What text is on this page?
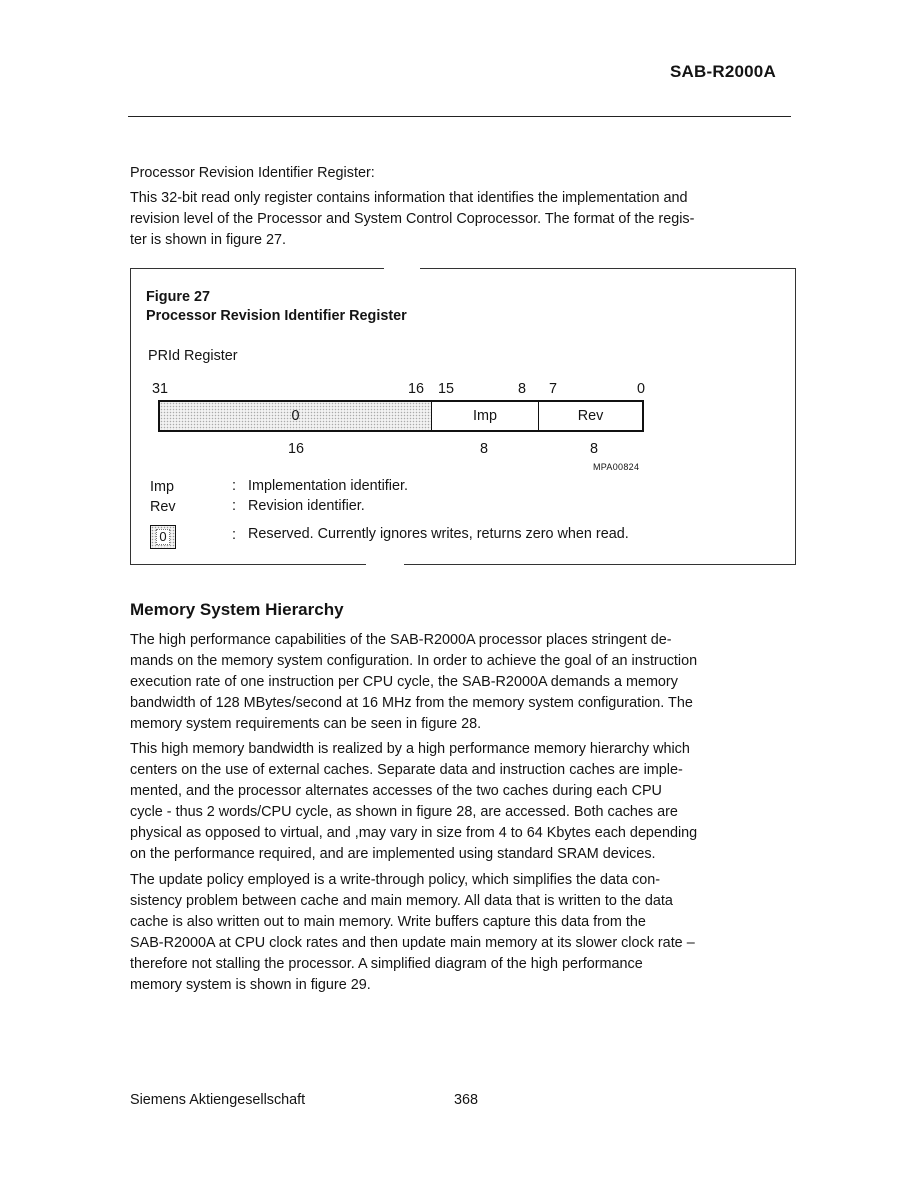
SAB-R2000A
Processor Revision Identifier Register:
This 32-bit read only register contains information that identifies the implementation and
revision level of the Processor and System Control Coprocessor. The format of the regis-
ter is shown in figure 27.
Figure 27
Processor Revision Identifier Register
PRId Register
31	16 15	8 7	0
0	Imp	Rev
16	8	8
MPA00824
Imp	: Implementation identifier.
Rev	: Revision identifier.
0	: Reserved. Currently ignores writes, returns zero when read.
Memory System Hierarchy
The high performance capabilities of the SAB-R2000A processor places stringent de-
mands on the memory system configuration. In order to achieve the goal of an instruction
execution rate of one instruction per CPU cycle, the SAB-R2000A demands a memory
bandwidth of 128 MBytes/second at 16 MHz from the memory system configuration. The
memory system requirements can be seen in figure 28.
This high memory bandwidth is realized by a high performance memory hierarchy which
centers on the use of external caches. Separate data and instruction caches are imple-
mented, and the processor alternates accesses of the two caches during each CPU
cycle - thus 2 words/CPU cycle, as shown in figure 28, are accessed. Both caches are
physical as opposed to virtual, and ,may vary in size from 4 to 64 Kbytes each depending
on the performance required, and are implemented using standard SRAM devices.
The update policy employed is a write-through policy, which simplifies the data con-
sistency problem between cache and main memory. All data that is written to the data
cache is also written out to main memory. Write buffers capture this data from the
SAB-R2000A at CPU clock rates and then update main memory at its slower clock rate –
therefore not stalling the processor. A simplified diagram of the high performance
memory system is shown in figure 29.
Siemens Aktiengesellschaft	368
